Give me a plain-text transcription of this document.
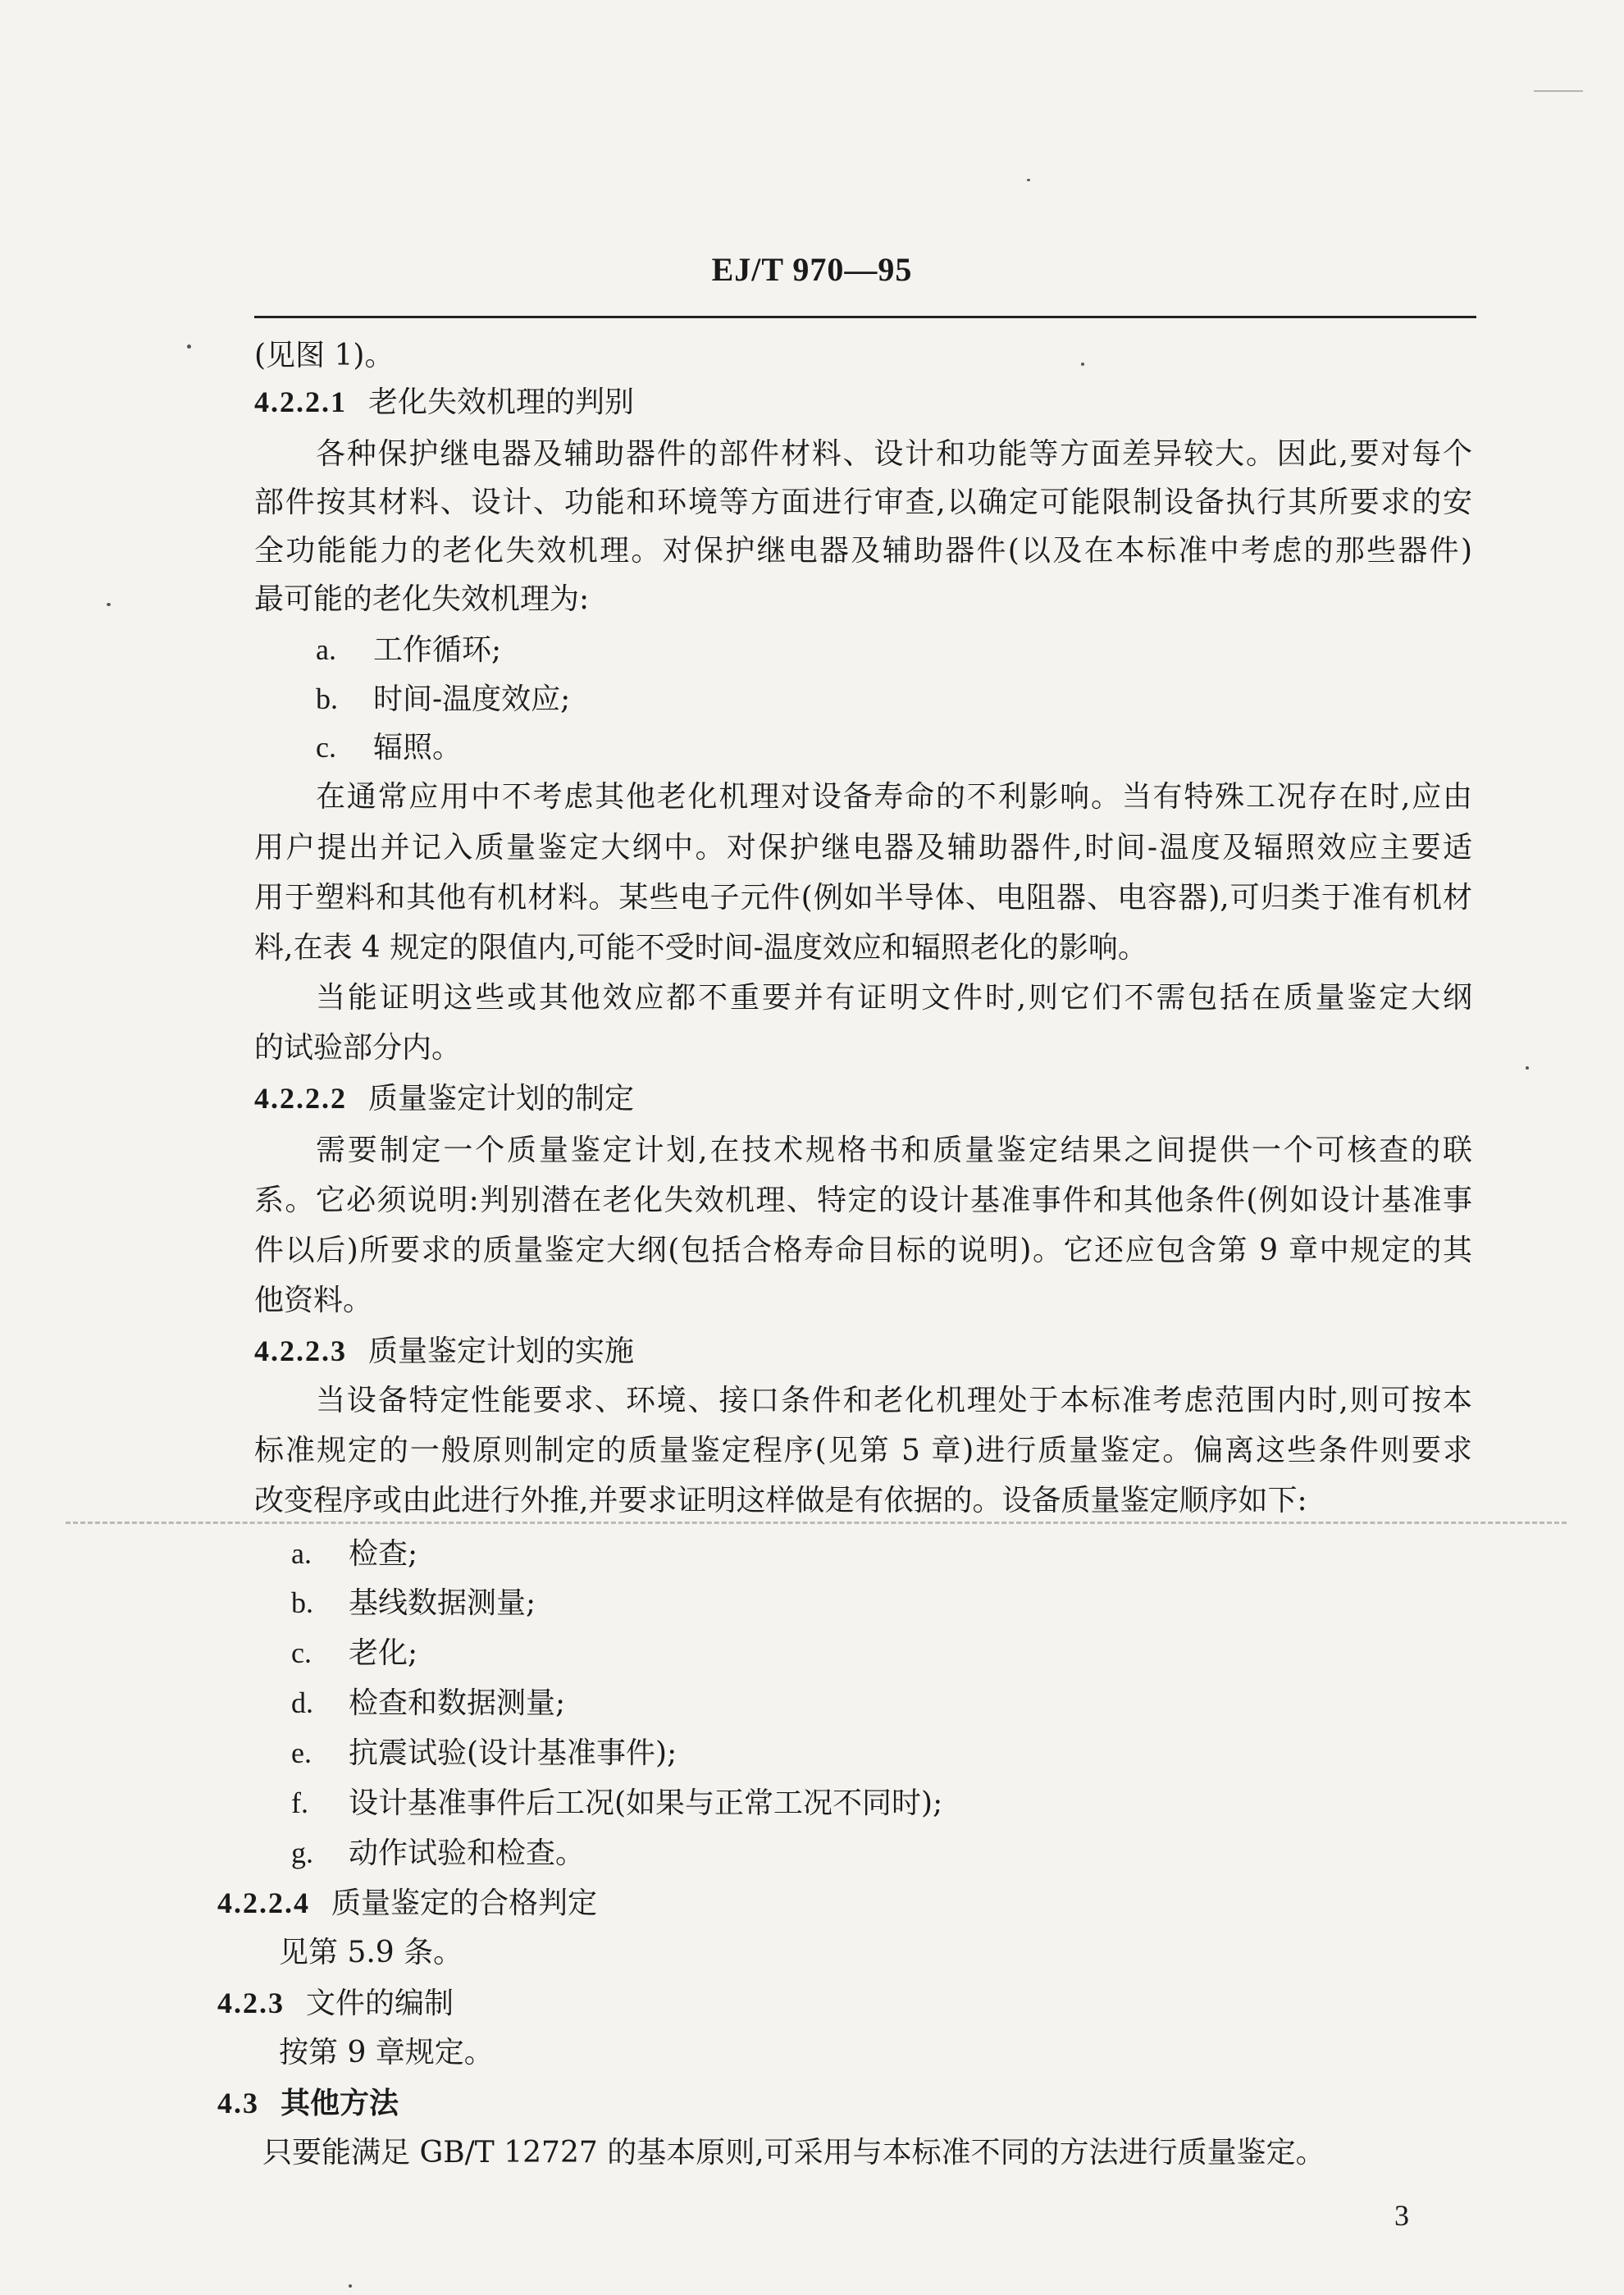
EJ/T 970—95
(见图 1)。
4.2.2.1 老化失效机理的判别
各种保护继电器及辅助器件的部件材料、设计和功能等方面差异较大。因此,要对每个
部件按其材料、设计、功能和环境等方面进行审查,以确定可能限制设备执行其所要求的安
全功能能力的老化失效机理。对保护继电器及辅助器件(以及在本标准中考虑的那些器件)
最可能的老化失效机理为:
a. 工作循环;
b. 时间-温度效应;
c. 辐照。
在通常应用中不考虑其他老化机理对设备寿命的不利影响。当有特殊工况存在时,应由
用户提出并记入质量鉴定大纲中。对保护继电器及辅助器件,时间-温度及辐照效应主要适
用于塑料和其他有机材料。某些电子元件(例如半导体、电阻器、电容器),可归类于准有机材
料,在表 4 规定的限值内,可能不受时间-温度效应和辐照老化的影响。
当能证明这些或其他效应都不重要并有证明文件时,则它们不需包括在质量鉴定大纲
的试验部分内。
4.2.2.2 质量鉴定计划的制定
需要制定一个质量鉴定计划,在技术规格书和质量鉴定结果之间提供一个可核查的联
系。它必须说明:判别潜在老化失效机理、特定的设计基准事件和其他条件(例如设计基准事
件以后)所要求的质量鉴定大纲(包括合格寿命目标的说明)。它还应包含第 9 章中规定的其
他资料。
4.2.2.3 质量鉴定计划的实施
当设备特定性能要求、环境、接口条件和老化机理处于本标准考虑范围内时,则可按本
标准规定的一般原则制定的质量鉴定程序(见第 5 章)进行质量鉴定。偏离这些条件则要求
改变程序或由此进行外推,并要求证明这样做是有依据的。设备质量鉴定顺序如下:
a. 检查;
b. 基线数据测量;
c. 老化;
d. 检查和数据测量;
e. 抗震试验(设计基准事件);
f. 设计基准事件后工况(如果与正常工况不同时);
g. 动作试验和检查。
4.2.2.4 质量鉴定的合格判定
见第 5.9 条。
4.2.3 文件的编制
按第 9 章规定。
4.3 其他方法
只要能满足 GB/T 12727 的基本原则,可采用与本标准不同的方法进行质量鉴定。
3
